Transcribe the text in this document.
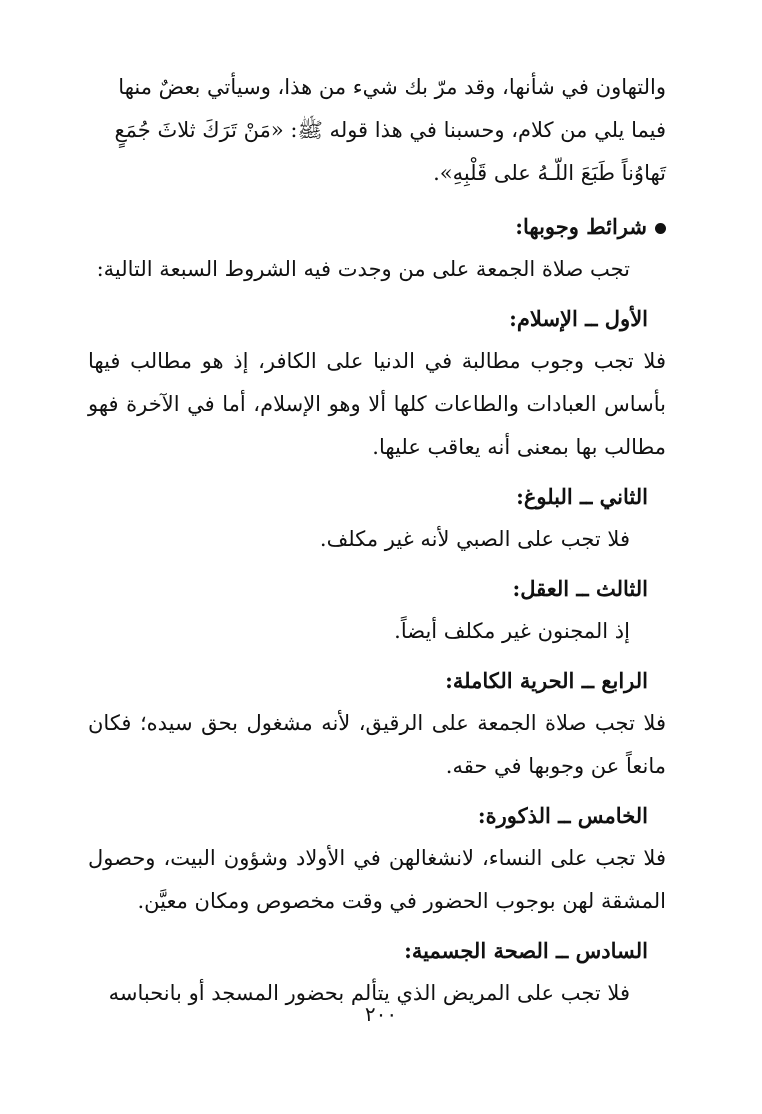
والتهاون في شأنها، وقد مرّ بك شيء من هذا، وسيأتي بعضٌ منها
فيما يلي من كلام، وحسبنا في هذا قوله ﷺ: «مَنْ تَرَكَ ثلاثَ جُمَعٍ
تَهاوُناً طَبَعَ اللّـهُ على قَلْبِهِ».

شرائط وجوبها:

تجب صلاة الجمعة على من وجدت فيه الشروط السبعة التالية:

الأول ــ الإسلام:

فلا تجب وجوب مطالبة في الدنيا على الكافر، إذ هو مطالب فيها بأساس العبادات والطاعات كلها ألا وهو الإسلام، أما في الآخرة فهو مطالب بها بمعنى أنه يعاقب عليها.

الثاني ــ البلوغ:

فلا تجب على الصبي لأنه غير مكلف.

الثالث ــ العقل:

إذ المجنون غير مكلف أيضاً.

الرابع ــ الحرية الكاملة:

فلا تجب صلاة الجمعة على الرقيق، لأنه مشغول بحق سيده؛ فكان مانعاً عن وجوبها في حقه.

الخامس ــ الذكورة:

فلا تجب على النساء، لانشغالهن في الأولاد وشؤون البيت، وحصول المشقة لهن بوجوب الحضور في وقت مخصوص ومكان معيَّن.

السادس ــ الصحة الجسمية:

فلا تجب على المريض الذي يتألم بحضور المسجد أو بانحباسه

٢٠٠
